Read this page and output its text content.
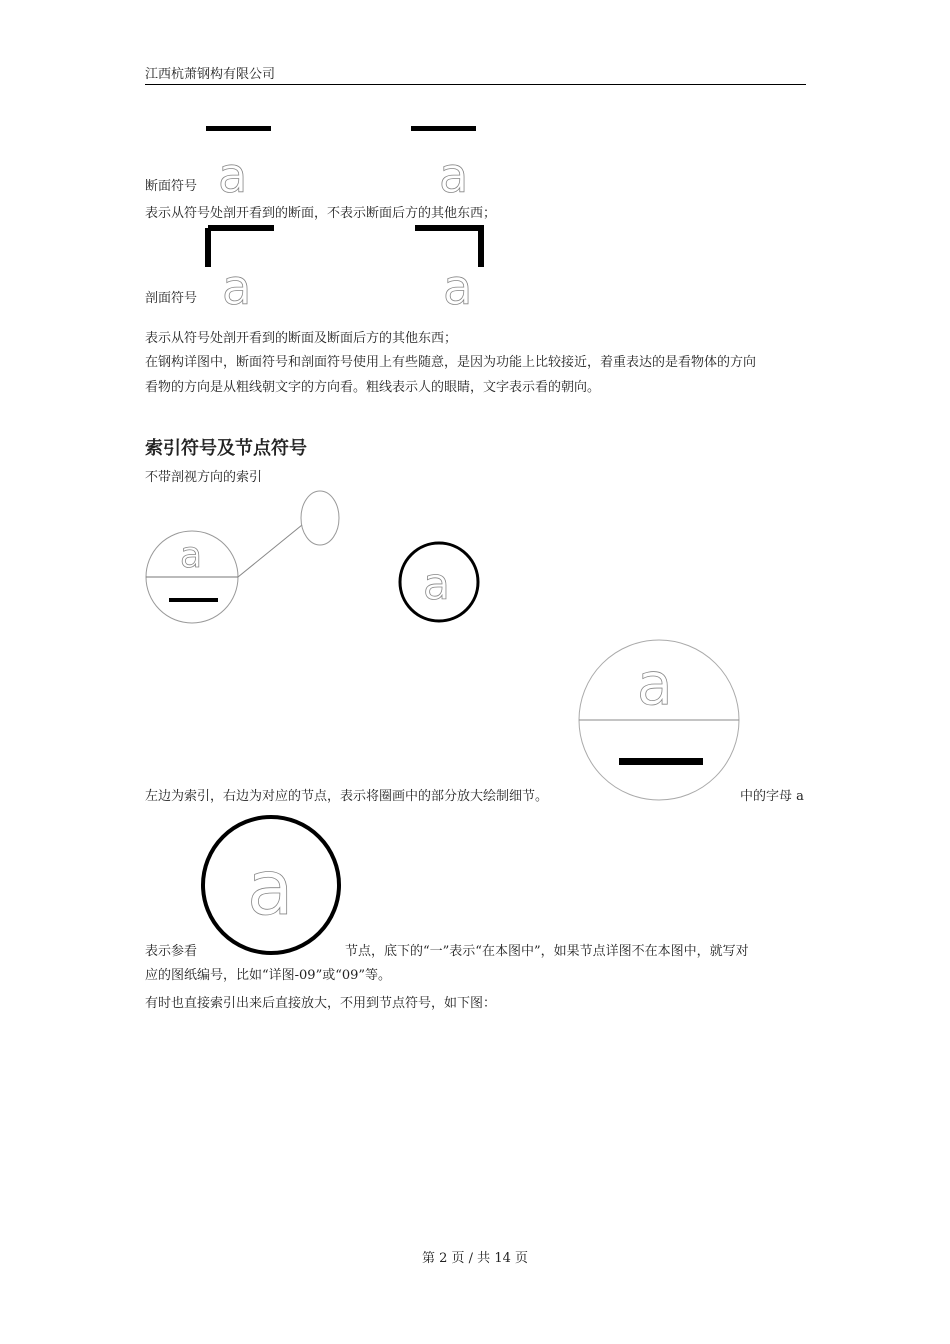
江西杭萧钢构有限公司
a	a
断面符号
表示从符号处剖开看到的断面，不表示断面后方的其他东西；
a	a
剖面符号
表示从符号处剖开看到的断面及断面后方的其他东西；
在钢构详图中，断面符号和剖面符号使用上有些随意，是因为功能上比较接近，着重表达的是看物体的方向
看物的方向是从粗线朝文字的方向看。粗线表示人的眼睛，文字表示看的朝向。
索引符号及节点符号
不带剖视方向的索引
a
a
a
左边为索引，右边为对应的节点，表示将圈画中的部分放大绘制细节。	中的字母 a
a
表示参看	节点，底下的“一”表示“在本图中”，如果节点详图不在本图中，就写对
应的图纸编号，比如“详图-09”或“09”等。
有时也直接索引出来后直接放大，不用到节点符号，如下图：
第 2 页 / 共 14 页
